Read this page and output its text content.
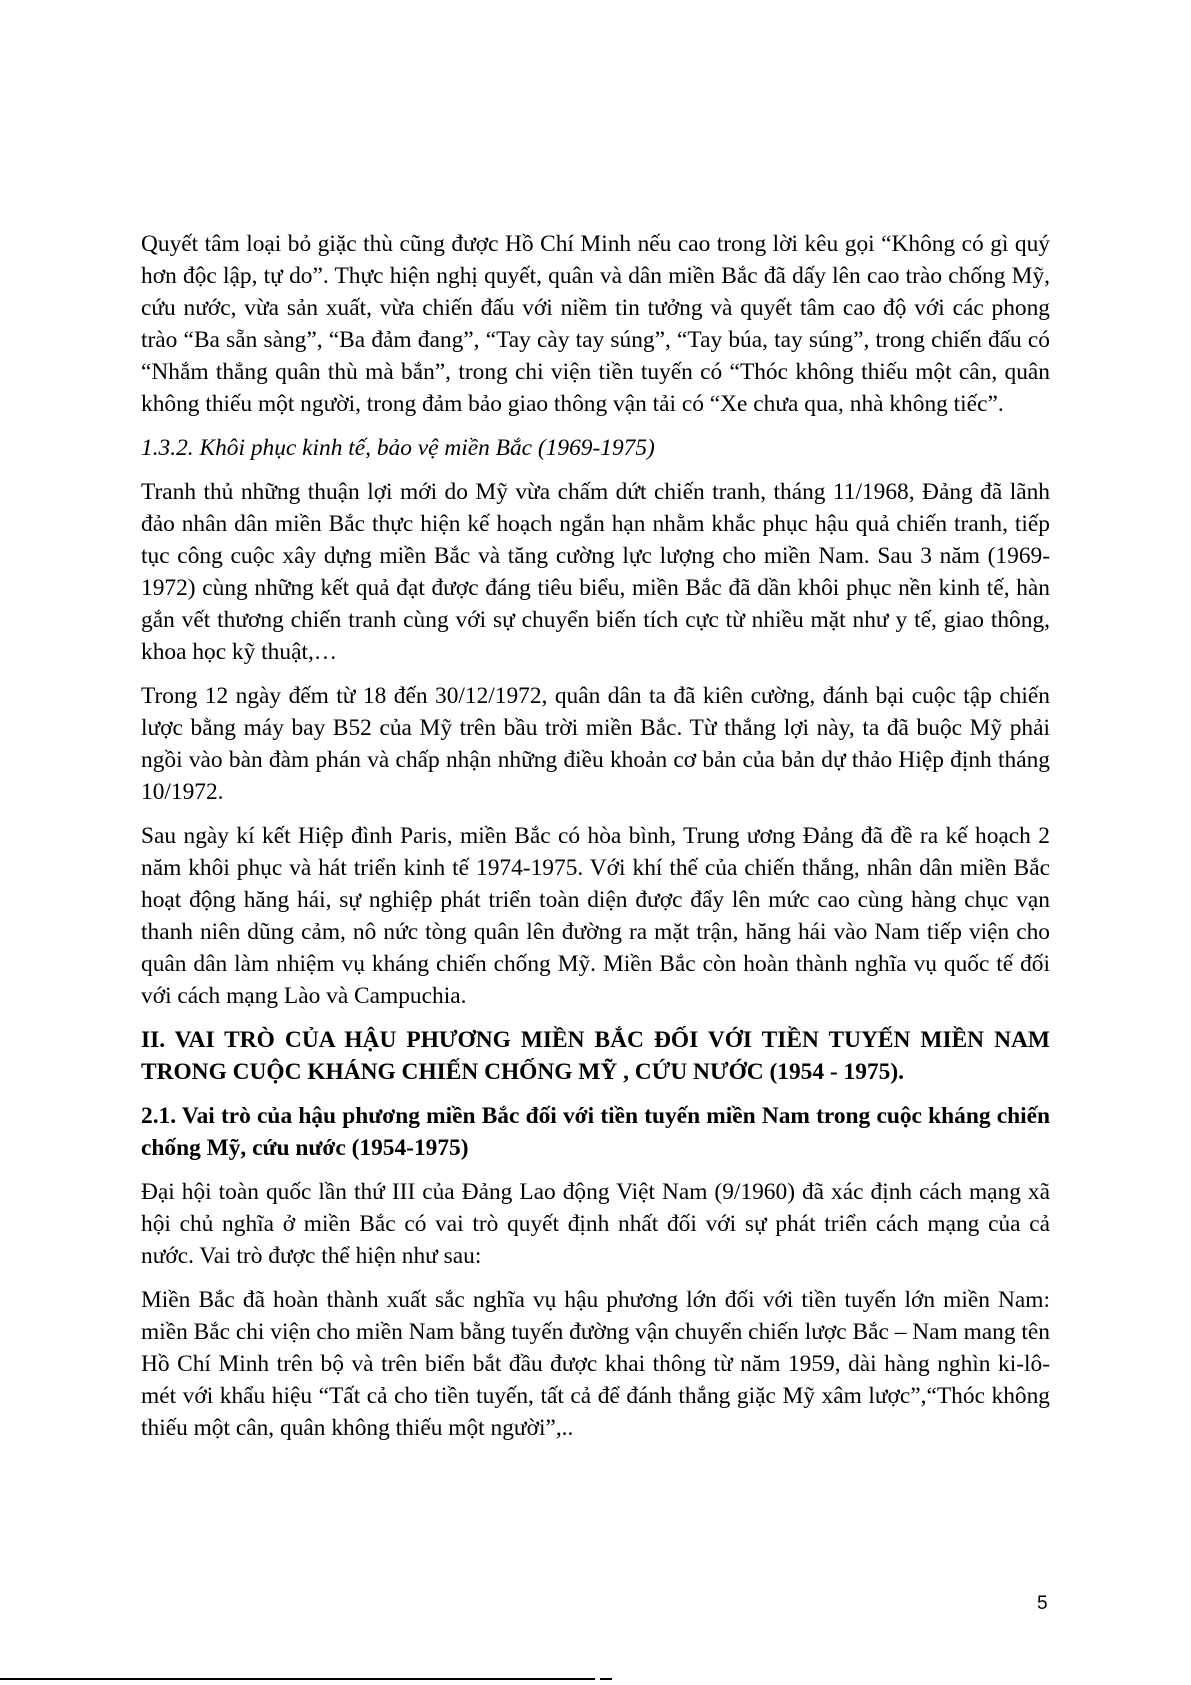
Quyết tâm loại bỏ giặc thù cũng được Hồ Chí Minh nếu cao trong lời kêu gọi “Không có gì quý hơn độc lập, tự do”. Thực hiện nghị quyết, quân và dân miền Bắc đã dấy lên cao trào chống Mỹ, cứu nước, vừa sản xuất, vừa chiến đấu với niềm tin tưởng và quyết tâm cao độ với các phong trào “Ba sẵn sàng”, “Ba đảm đang”, “Tay cày tay súng”, “Tay búa, tay súng”, trong chiến đấu có “Nhắm thẳng quân thù mà bắn”, trong chi viện tiền tuyến có “Thóc không thiếu một cân, quân không thiếu một người, trong đảm bảo giao thông vận tải có “Xe chưa qua, nhà không tiếc”.

1.3.2. Khôi phục kinh tế, bảo vệ miền Bắc (1969-1975)

Tranh thủ những thuận lợi mới do Mỹ vừa chấm dứt chiến tranh, tháng 11/1968, Đảng đã lãnh đảo nhân dân miền Bắc thực hiện kế hoạch ngắn hạn nhằm khắc phục hậu quả chiến tranh, tiếp tục công cuộc xây dựng miền Bắc và tăng cường lực lượng cho miền Nam. Sau 3 năm (1969-1972) cùng những kết quả đạt được đáng tiêu biểu, miền Bắc đã dần khôi phục nền kinh tế, hàn gắn vết thương chiến tranh cùng với sự chuyển biến tích cực từ nhiều mặt như y tế, giao thông, khoa học kỹ thuật,…

Trong 12 ngày đếm từ 18 đến 30/12/1972, quân dân ta đã kiên cường, đánh bại cuộc tập chiến lược bằng máy bay B52 của Mỹ trên bầu trời miền Bắc. Từ thắng lợi này, ta đã buộc Mỹ phải ngồi vào bàn đàm phán và chấp nhận những điều khoản cơ bản của bản dự thảo Hiệp định tháng 10/1972.

Sau ngày kí kết Hiệp đình Paris, miền Bắc có hòa bình, Trung ương Đảng đã đề ra kế hoạch 2 năm khôi phục và hát triển kinh tế 1974-1975. Với khí thế của chiến thắng, nhân dân miền Bắc hoạt động hăng hái, sự nghiệp phát triển toàn diện được đẩy lên mức cao cùng hàng chục vạn thanh niên dũng cảm, nô nức tòng quân lên đường ra mặt trận, hăng hái vào Nam tiếp viện cho quân dân làm nhiệm vụ kháng chiến chống Mỹ. Miền Bắc còn hoàn thành nghĩa vụ quốc tế đối với cách mạng Lào và Campuchia.

II. VAI TRÒ CỦA HẬU PHƯƠNG MIỀN BẮC ĐỐI VỚI TIỀN TUYẾN MIỀN NAM TRONG CUỘC KHÁNG CHIẾN CHỐNG MỸ , CỨU NƯỚC (1954 - 1975).

2.1. Vai trò của hậu phương miền Bắc đối với tiền tuyến miền Nam trong cuộc kháng chiến chống Mỹ, cứu nước (1954-1975)

Đại hội toàn quốc lần thứ III của Đảng Lao động Việt Nam (9/1960) đã xác định cách mạng xã hội chủ nghĩa ở miền Bắc có vai trò quyết định nhất đối với sự phát triển cách mạng của cả nước. Vai trò được thể hiện như sau:

Miền Bắc đã hoàn thành xuất sắc nghĩa vụ hậu phương lớn đối với tiền tuyến lớn miền Nam: miền Bắc chi viện cho miền Nam bằng tuyến đường vận chuyển chiến lược Bắc – Nam mang tên Hồ Chí Minh trên bộ và trên biển bắt đầu được khai thông từ năm 1959, dài hàng nghìn ki-lô-mét với khẩu hiệu “Tất cả cho tiền tuyến, tất cả để đánh thắng giặc Mỹ xâm lược”,“Thóc không thiếu một cân, quân không thiếu một người”,..

5
